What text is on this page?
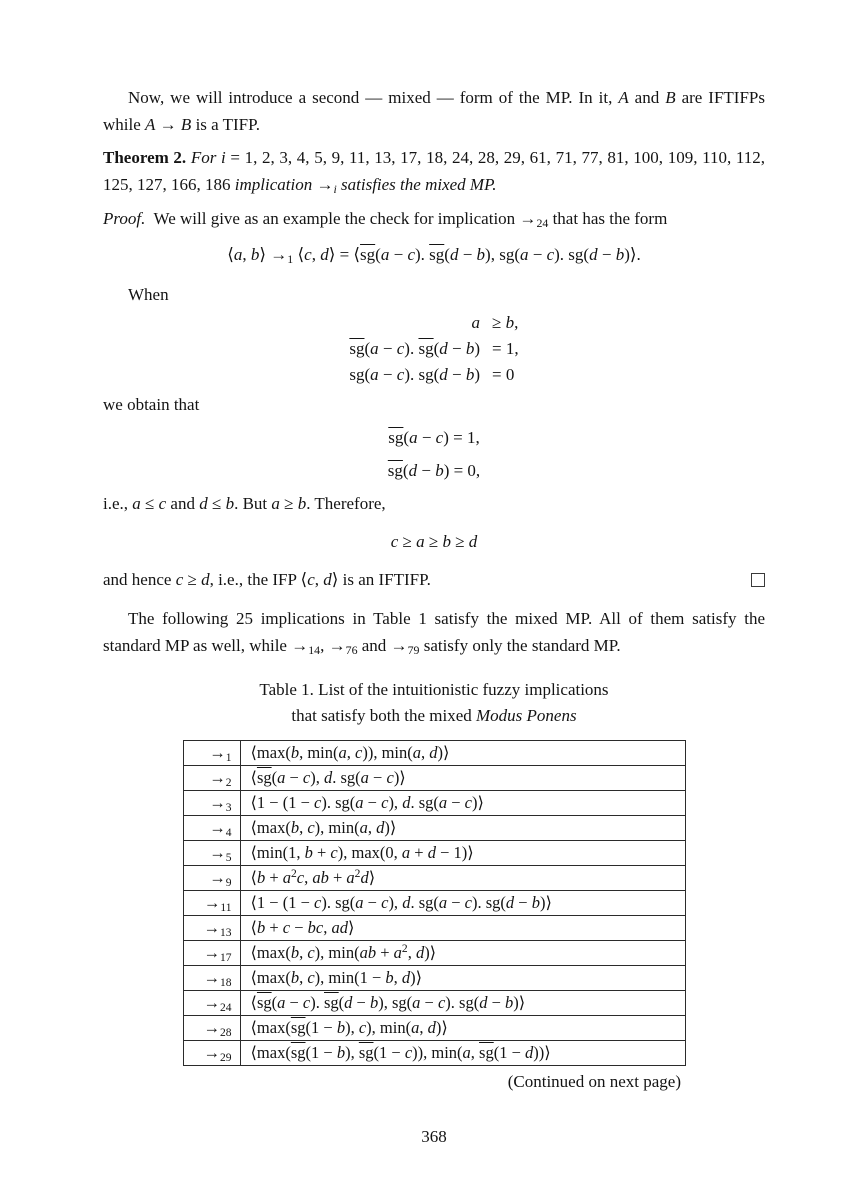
Now, we will introduce a second — mixed — form of the MP. In it, A and B are IFTIFPs while A → B is a TIFP.

Theorem 2. For i = 1, 2, 3, 4, 5, 9, 11, 13, 17, 18, 24, 28, 29, 61, 71, 77, 81, 100, 109, 110, 112, 125, 127, 166, 186 implication $\to_i$ satisfies the mixed MP.

Proof.  We will give as an example the check for implication $\to_{24}$ that has the form

⟨a, b⟩ $\to_1$ ⟨c, d⟩ = $⟨\overline{sg}(a - c)$. $\overline{sg}(d - b)$, sg(a − c). sg(d − b)⟩.

When

a ≥ b,
$\overline{sg}(a - c)$. $\overline{sg}(d - b) = 1$,
sg(a − c). sg(d − b) = 0

we obtain that

$\overline{sg}(a - c) = 1$,
$\overline{sg}(d - b) = 0$,

i.e., a ≤ c and d ≤ b. But a ≥ b. Therefore,

c ≥ a ≥ b ≥ d
and hence c ≥ d, i.e., the IFP ⟨c, d⟩ is an IFTIFP.

The following 25 implications in Table 1 satisfy the mixed MP. All of them satisfy the standard MP as well, while $\to_{14}$, $\to_{76}$ and $\to_{79}$ satisfy only the standard MP.

Table 1. List of the intuitionistic fuzzy implications
that satisfy both the mixed Modus Ponens
$\to_1$	⟨max(b, min(a, c)), min(a, d)⟩
$\to_2$	$⟨\overline{sg}(a - c)$, d. sg(a − c)⟩
$\to_3$	⟨1 − (1 − c). sg(a − c), d. sg(a − c)⟩
$\to_4$	⟨max(b, c), min(a, d)⟩
$\to_5$	⟨min(1, b + c), max(0, a + d − 1)⟩
$\to_9$	⟨b + $a^2c$, ab + $a^2d⟩$
$\to_{11}$	⟨1 − (1 − c). sg(a − c), d. sg(a − c). sg(d − b)⟩
$\to_{13}$	⟨b + c − bc, ad⟩
$\to_{17}$	⟨max(b, c), $\min(ab + a^2$, d)⟩
$\to_{18}$	⟨max(b, c), min(1 − b, d)⟩
$\to_{24}$	$⟨\overline{sg}(a - c)$. $\overline{sg}(d - b)$, sg(a − c). sg(d − b)⟩
$\to_{28}$	$⟨\max(\overline{sg}(1 - b)$, c), min(a, d)⟩
$\to_{29}$	$⟨\max(\overline{sg}(1 - b)$, $\overline{sg}(1 - c)$), min(a, $\overline{sg}(1$ − d))⟩
(Continued on next page)
368
